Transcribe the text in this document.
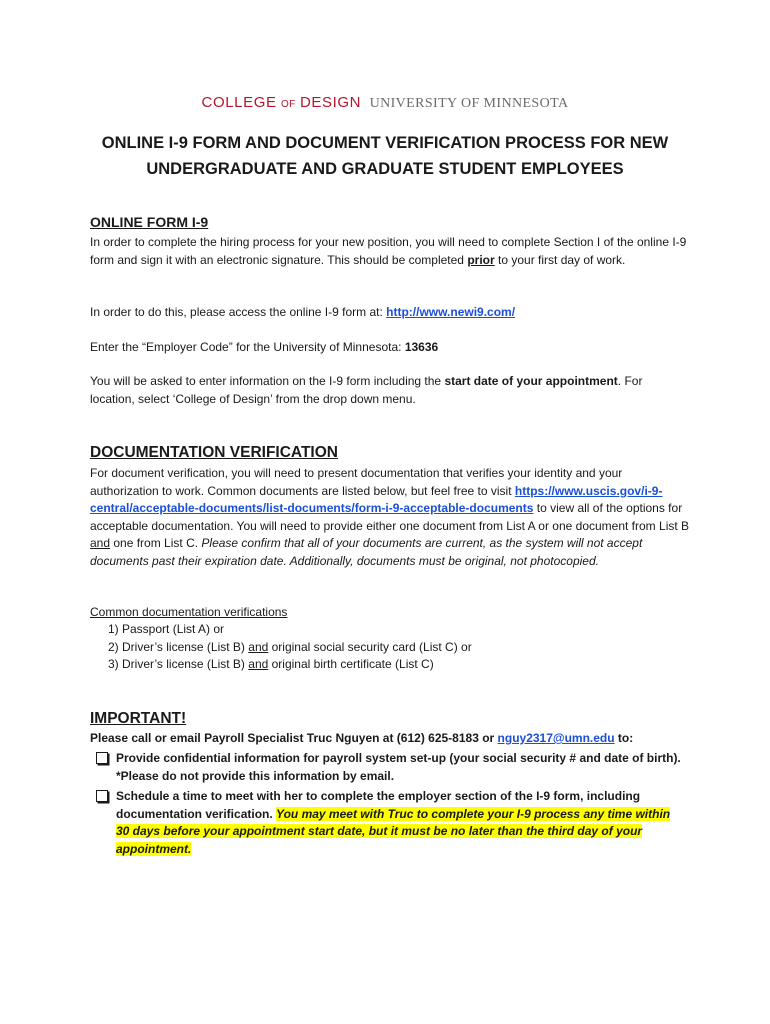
COLLEGE OF DESIGN UNIVERSITY OF MINNESOTA
ONLINE I-9 FORM AND DOCUMENT VERIFICATION PROCESS FOR NEW
UNDERGRADUATE AND GRADUATE STUDENT EMPLOYEES
ONLINE FORM I-9
In order to complete the hiring process for your new position, you will need to complete Section I of the online I-9 form and sign it with an electronic signature. This should be completed prior to your first day of work.
In order to do this, please access the online I-9 form at: http://www.newi9.com/
Enter the “Employer Code” for the University of Minnesota: 13636
You will be asked to enter information on the I-9 form including the start date of your appointment. For location, select ‘College of Design’ from the drop down menu.
DOCUMENTATION VERIFICATION
For document verification, you will need to present documentation that verifies your identity and your authorization to work. Common documents are listed below, but feel free to visit https://www.uscis.gov/i-9-central/acceptable-documents/list-documents/form-i-9-acceptable-documents to view all of the options for acceptable documentation. You will need to provide either one document from List A or one document from List B and one from List C. Please confirm that all of your documents are current, as the system will not accept documents past their expiration date. Additionally, documents must be original, not photocopied.
Common documentation verifications
1) Passport (List A) or
2) Driver’s license (List B) and original social security card (List C) or
3) Driver’s license (List B) and original birth certificate (List C)
IMPORTANT!
Please call or email Payroll Specialist Truc Nguyen at (612) 625-8183 or nguy2317@umn.edu to:
Provide confidential information for payroll system set-up (your social security # and date of birth). *Please do not provide this information by email.
Schedule a time to meet with her to complete the employer section of the I-9 form, including documentation verification. You may meet with Truc to complete your I-9 process any time within 30 days before your appointment start date, but it must be no later than the third day of your appointment.
